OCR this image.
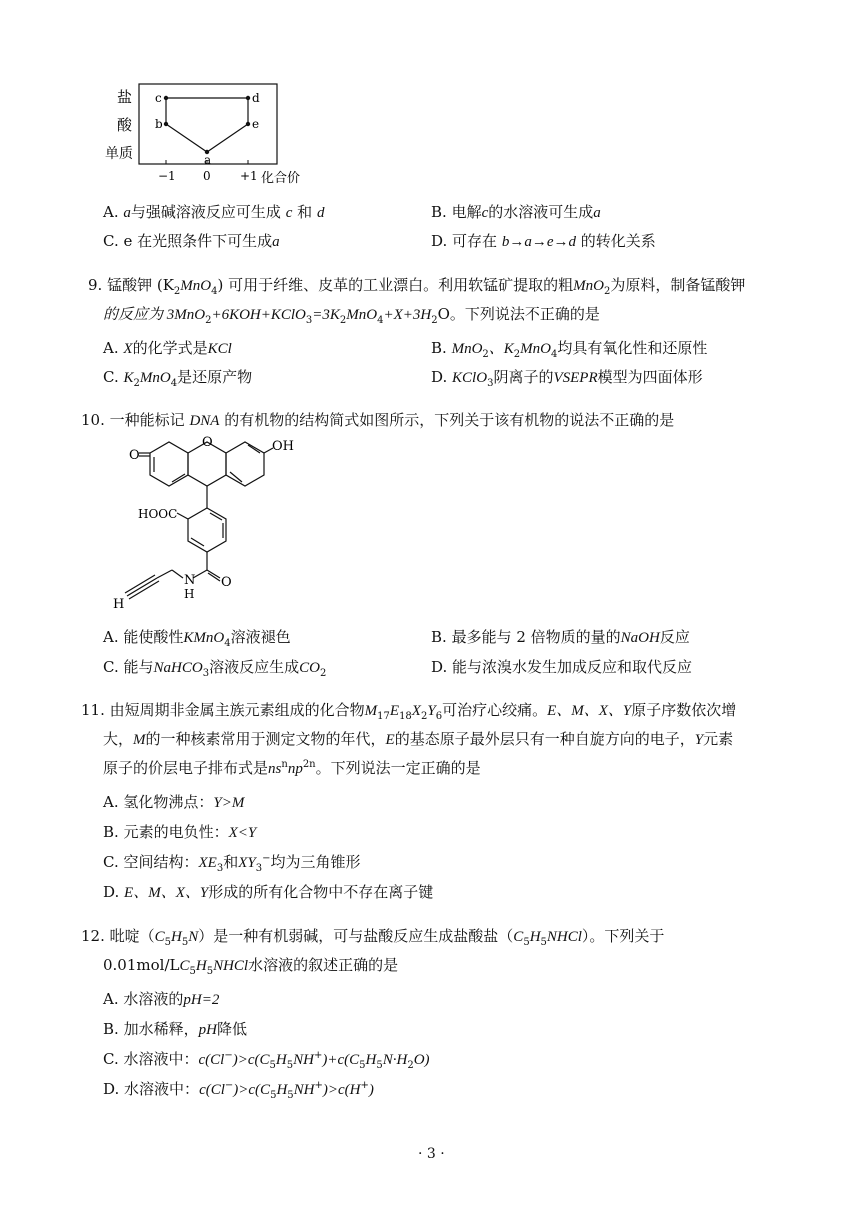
盐
酸
单质
−1 0 +1 化合价
c	d
b	e
a
A. a与强碱溶液反应可生成 c 和 d	B. 电解c的水溶液可生成a
C. e 在光照条件下可生成a	D. 可存在 b→a→e→d 的转化关系
9. 锰酸钾 $(K_2MnO_4)$ 可用于纤维、皮革的工业漂白。利用软锰矿提取的粗MnO$_2$为原料，制备锰酸钾
的反应为 $3MnO_2+6KOH+KClO_3=3K_2MnO_4+X+3H_2O$。下列说法不正确的是
A. X的化学式是KCl	B. MnO$_2$、$K_2MnO_4$均具有氧化性和还原性
C. $K_2MnO_4$是还原产物	D. KClO$_3$阴离子的VSEPR模型为四面体形
10. 一种能标记 DNA 的有机物的结构简式如图所示，下列关于该有机物的说法不正确的是
O
O	OH
HOOC
O
N
H
H
A. 能使酸性KMnO$_4$溶液褪色	B. 最多能与 2 倍物质的量的NaOH反应
C. 能与NaHCO$_3$溶液反应生成$CO_2$	D. 能与浓溴水发生加成反应和取代反应
11. 由短周期非金属主族元素组成的化合物$M_{17}E_{18}X_2Y_6$可治疗心绞痛。E、M、X、Y原子序数依次增
大，M的一种核素常用于测定文物的年代，E的基态原子最外层只有一种自旋方向的电子，Y元素
原子的价层电子排布式是$ns^nnp^{2n}$。下列说法一定正确的是
A. 氢化物沸点：Y>M
B. 元素的电负性：X<Y
C. 空间结构：$XE_3$和$XY_3^-$均为三角锥形
D. E、M、X、Y形成的所有化合物中不存在离子键
12. 吡啶$(C_5H_5N)$是一种有机弱碱，可与盐酸反应生成盐酸盐$(C_5H_5NHCl)$。下列关于
$0.01mol/LC_5H_5NHCl$水溶液的叙述正确的是
A. 水溶液的pH=2
B. 加水稀释，pH降低
C. 水溶液中：$c(Cl^-)>c(C_5H_5NH^+)+c(C_5H_5N\cdot H_2O)$
D. 水溶液中：$c(Cl^-)>c(C_5H_5NH^+)>c(H^+)$
· 3 ·
